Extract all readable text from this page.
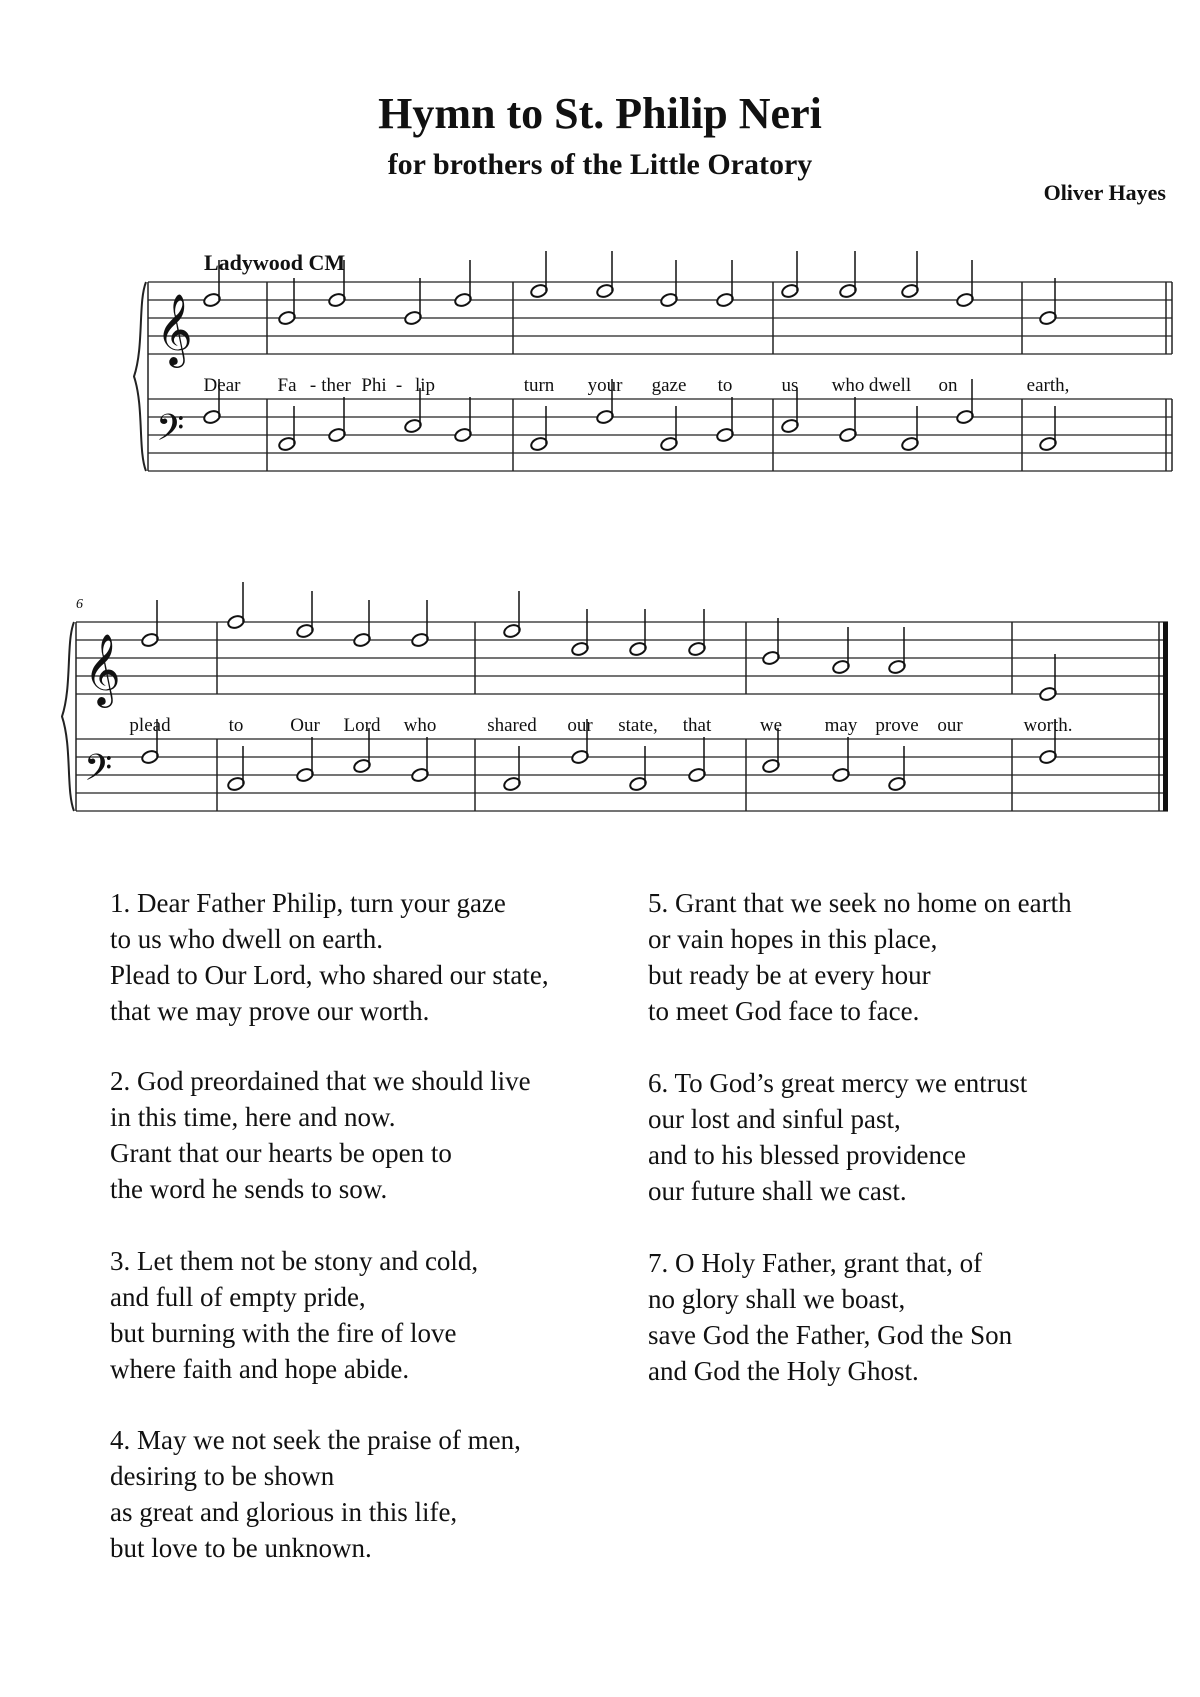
Hymn to St. Philip Neri
for brothers of the Little Oratory
Oliver Hayes
Ladywood CM
6
𝄞
𝄢
𝄞
𝄢
Dear Fa - ther Phi - lip	turn your gaze to	us who dwell on	earth,
plead	to Our Lord who	shared our state, that	we may prove our	worth.
1. Dear Father Philip, turn your gaze
to us who dwell on earth.
Plead to Our Lord, who shared our state,
that we may prove our worth.
2. God preordained that we should live
in this time, here and now.
Grant that our hearts be open to
the word he sends to sow.
3. Let them not be stony and cold,
and full of empty pride,
but burning with the fire of love
where faith and hope abide.
4. May we not seek the praise of men,
desiring to be shown
as great and glorious in this life,
but love to be unknown.
5. Grant that we seek no home on earth
or vain hopes in this place,
but ready be at every hour
to meet God face to face.
6. To God’s great mercy we entrust
our lost and sinful past,
and to his blessed providence
our future shall we cast.
7. O Holy Father, grant that, of
no glory shall we boast,
save God the Father, God the Son
and God the Holy Ghost.
